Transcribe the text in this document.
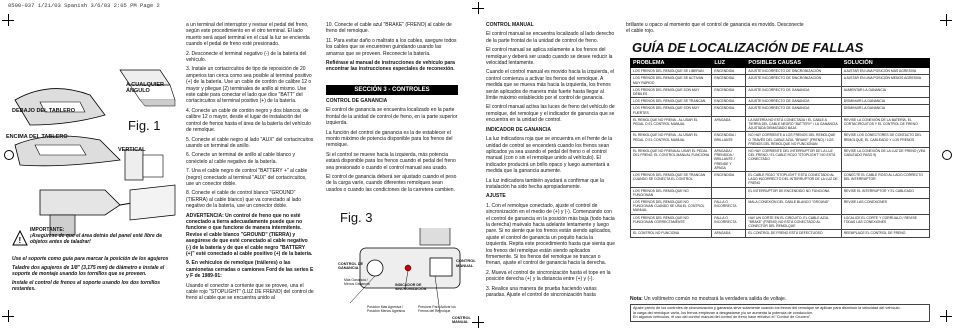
0500-037 1/21/03 Spanish 3/6/03 2:05 PM Page 2
DEBAJO DEL TABLERO
A CUALQUIER ÁNGULO
Fig. 1
ENCIMA DEL TABLERO
VERTICAL
!
IMPORTANTE:
¡Asegúrese de que el área detrás del panel esté libre de objetos antes de taladrar!

Use el soporte como guía para marcar la posición de los agujeros

Taladre dos agujeros de 1/8" (3,175 mm) de diámetro e instale el soporte de montaje usando los tornillos que se proveen.

Instale el control de frenos al soporte usando los dos tornillos restantes.

a un terminal del interruptor y revisar el pedal del freno, según este procedimiento en el otro terminal. El lado muerto será aquel terminal en el cual la luz se encienda cuando el pedal de freno esté presionado.

2. Desconecte el terminal negativo (-) de la batería del vehículo.

3. Instale un cortacircuitos de tipo de reposición de 20 amperios tan cerca como sea posible al terminal positivo (+) de la batería. Use un cable de cordón de calibre 12 o mayor y pliegue (2) terminales de anillo al mismo. Use este cable para conectar el lado que dice "BATT" del cortacircuitos al terminal positivo (+) de la batería.

4. Conecte un cable de cordón negro y dos blancos, de calibre 12 o mayor, desde el lugar de instalación del control de frenos hasta el área de la batería del vehículo de remolque.

5. Conecte el cable negro al lado "AUX" del cortacircuitos usando un terminal de anillo.

6. Conecte un terminal de anillo al cable blanco y conéctelo al cable negativo de la batería.

7. Una el cable negro de control "BATTERY +" al cable (negro) conectado al terminal "AUX" del cortacircuitos, use un conector doble.

8. Conecte el cable de control blanco "GROUND" (TIERRA) al cable blanco) que va conectado al lado negativo de la batería, use un conector doble.

ADVERTENCIA: Un control de freno que no esté conectado a tierra adecuadamente puede que no funcione o que funcione de manera intermitente. Revise el cable blanco "GROUND" (TIERRA) y asegúrese de que esté conectado al cable negativo (-) de la batería y de que el cable negro "BATTERY (+)" esté conectado al cable positivo (+) de la batería.

9. En vehículos de remolque (tráileres) o las camionetas cerradas o camiones Ford de las series E y F de 1989-91:

Usando el conector a corriente que se provee, una el cable rojo "STOPLIGHT" (LUZ DE FRENO) del control de freno al cable que se encuentra unido al

10. Conecte el cable azul "BRAKE" (FRENO) al cable de freno del remolque.

11. Para evitar daño o maltrato a los cables, asegure todos los cables que se encuentren guindando usando las amarras que se proveen. Reconecte la batería.

Refiérase al manual de instrucciones de vehículo para encontrar las instrucciones especiales de reconexión.

SECCIÓN 3 - CONTROLES

CONTROL DE GANANCIA

El control de ganancia se encuentra localizado en la parte frontal de la unidad de control de freno, en la parte superior izquierda.

La función del control de ganancia es la de establecer el monto máximo de potencia disponible para los frenos del remolque.

Si el control se mueve hacia la izquierda, más potencia estará disponible para los frenos cuando el pedal del freno sea presionado o cuando el control manual sea usado.

El control de ganancia deberá ser ajustado cuando el peso de la carga varíe, cuando diferentes remolques sean usados o cuando las condiciones de la carretera cambien.

Fig. 3
CONTROL MANUAL
CONTROL DE GANANCIA
Más Ganancia / Menos Ganancia	INDICADOR DE SINCRONIZACIÓN
Posición Más Agresiva / Posición Menos Agresiva
Presione Para Activar los Frenos del Remolque
CONTROL MANUAL

CONTROL MANUAL

El control manual se encuentra localizado al lado derecho de la parte frontal de la unidad de control de freno.

El control manual se aplica solamente a los frenos del remolque y deberá ser usado cuando se desee reducir la velocidad lentamente.

Cuando el control manual es movido hacia la izquierda, el control comienza a activar los frenos del remolque. A medida que se mueva más hacia la izquierda, los frenos serán aplicados de manera más fuerte hasta llegar al límite máximo establecido por el control de ganancia.

El control manual activa las luces de freno del vehículo de remolque, del remolque y el indicador de ganancia que se encuentra en la unidad de control.

INDICADOR DE GANANCIA

La luz indicadora roja que se encuentra en el frente de la unidad de control se encenderá cuando los frenos sean aplicados ya sea usando el pedal del freno o el control manual (con o sin el remolque unido al vehículo). El indicador producirá un brillo opaco y luego aumentará a medida que la ganancia aumente.

La luz indicadora también ayudará a confirmar que la instalación ha sido hecha apropiadamente.

AJUSTE

1. Con el remolque conectado, ajuste el control de sincronización en el medio de (+) y (-). Comenzando con el control de ganancia en la posición más baja (todo hacia la derecha) muévalo hacia adelante lentamente y luego pare. Si no siente que los frenos están siendo aplicados, ajuste el control de ganancia un poquito hacia la izquierda. Repita este procedimiento hasta que sienta que los frenos del remolque están siendo aplicados firmemente. Si los frenos del remolque se trancan o frenan, ajuste el control de ganancia hacia la derecha.

2. Mueva el control de sincronización hasta el tope en la posición derecha (+) y la distancia entre (+) y (-).

3. Realice una manera de prueba haciendo varias paradas. Ajuste el control de sincronización hasta

brillante u opaco al momento que el control de ganancia es movido. Desconecte el cable rojo.

GUÍA DE LOCALIZACIÓN DE FALLAS
PROBLEMA	LUZ	POSIBLES CAUSAS	SOLUCIÓN
LOS FRENOS DEL REMOLQUE SE LIBERAN	ENCENDIDA	AJUSTE INCORRECTO DE SINCRONIZACIÓN	AJUSTAR EN UNA POSICIÓN MÁS AGRESIVA
LOS FRENOS DEL REMOLQUE SE ACTIVAN MUY RÁPIDO	ENCENDIDA	AJUSTE INCORRECTO DE SINCRONIZACIÓN	AJUSTAR EN UNA POSICIÓN MENOS AGRESIVA
LOS FRENOS DEL REMOLQUE SON MUY DÉBILES	ENCENDIDA	AJUSTE INCORRECTO DE GANANCIA	AUMENTAR LA GANANCIA
LOS FRENOS DEL REMOLQUE SE TRANCAN	ENCENDIDA	AJUSTE INCORRECTO DE GANANCIA	DISMINUIR LA GANANCIA
LOS FRENOS DEL REMOLQUE SON MUY FUERTES	ENCENDIDA	AJUSTE INCORRECTO DE GANANCIA	DISMINUIR LA GANANCIA
EL REMOLQUE NO FRENA - AL USAR EL PEDAL O EL CONTROL MANUAL	APAGADA	LA BATERÍA NO ESTÁ CONECTADA / EL CABLE A TIERRA DEL CABLE NEGRO "BATTERY" / LA GANANCIA AJUSTADA DEMASIADO BAJA	REVISE LA CONEXIÓN DE LA BATERÍA, EL CORTACIRCUITOS Y EL CONTROL DE FRENO
EL REMOLQUE NO FRENA - AL USAR EL PEDAL O EL CONTROL MANUAL	ENCENDIDA / BRILLANTE	NO HAY CORRIENTE A LOS FRENOS DEL REMOLQUE O TRAVÉS DEL CABLE AZUL "BRAKE" (FRENO) / LOS FRENOS DEL REMOLQUE NO FUNCIONAN	REVISE LOS CONECTORES DE CONTACTO DEL REMOLQUE, EL CABLEADO Y LOS FRENOS
EL REMOLQUE NO FRENA AL USAR EL PEDAL DEL FRENO, EL CONTROL MANUAL FUNCIONA	APAGADA / PRENDIDA / BRILLANTE / PRENDE Y APAGA	NO HAY CORRIENTE DEL INTERRUPTOR DE LA LUZ DEL FRENO / EL CABLE ROJO "STOPLIGHT" NO ESTÁ CONECTADO	REVISE LA CONEXIÓN DE LA LUZ DE FRENO (VEA CABLEADO PASO 9)
LOS FRENOS DEL REMOLQUE SE TRANCAN CUANDO SE CONECTA EL CONTROL	ENCENDIDA	EL CABLE ROJO "STOPLIGHT" ESTÁ CONECTADO AL LADO INCORRECTO DEL INTERRUPTOR DE LA LUZ DE FRENO	CONECTE EL CABLE ROJO AL LADO CORRECTO DEL INTERRUPTOR
LOS FRENOS DEL REMOLQUE NO FUNCIONAN		EL INTERRUPTOR DE ENCENDIDO NO FUNCIONA	REVISE EL INTERRUPTOR Y EL CABLEADO
LOS FRENOS DEL REMOLQUE NO FUNCIONAN CUANDO SE USA EL CONTROL MANUAL	FALLA O INCORRECTA	MALA CONEXIÓN DEL CABLE BLANCO "GROUND"	REVISE LAS CONEXIONES
LOS FRENOS DEL REMOLQUE NO FUNCIONAN CORRECTAMENTE	FALLA O INCORRECTA	HAY UN CORTE EN EL CIRCUITO, EL CABLE AZUL "BRAKE" (FRENO) NO ESTÁ CONECTADO AL CONECTOR DEL REMOLQUE	LOCALICE EL CORTE Y CORRÍJALO / REVISE TODAS LAS CONEXIONES
EL CONTROL NO FUNCIONA	APAGADA	EL CONTROL DE FRENO ESTÁ DEFECTUOSO	REEMPLACE EL CONTROL DE FRENO
Nota: Un voltímetro común no mostrará la verdadera salida de voltaje.
Ajuste previo de los controles de sincronización y ganancia sirve solamente cuando los frenos del remolque se aplican para disminuir la velocidad del vehículo.
la carga del remolque varía, los frenos empiezan a desgastarse y/o se aumenta la potencia de conducción.
En algunos vehículos, el uso del control manual del control de freno hace efectivo el "Control de Crucero".
